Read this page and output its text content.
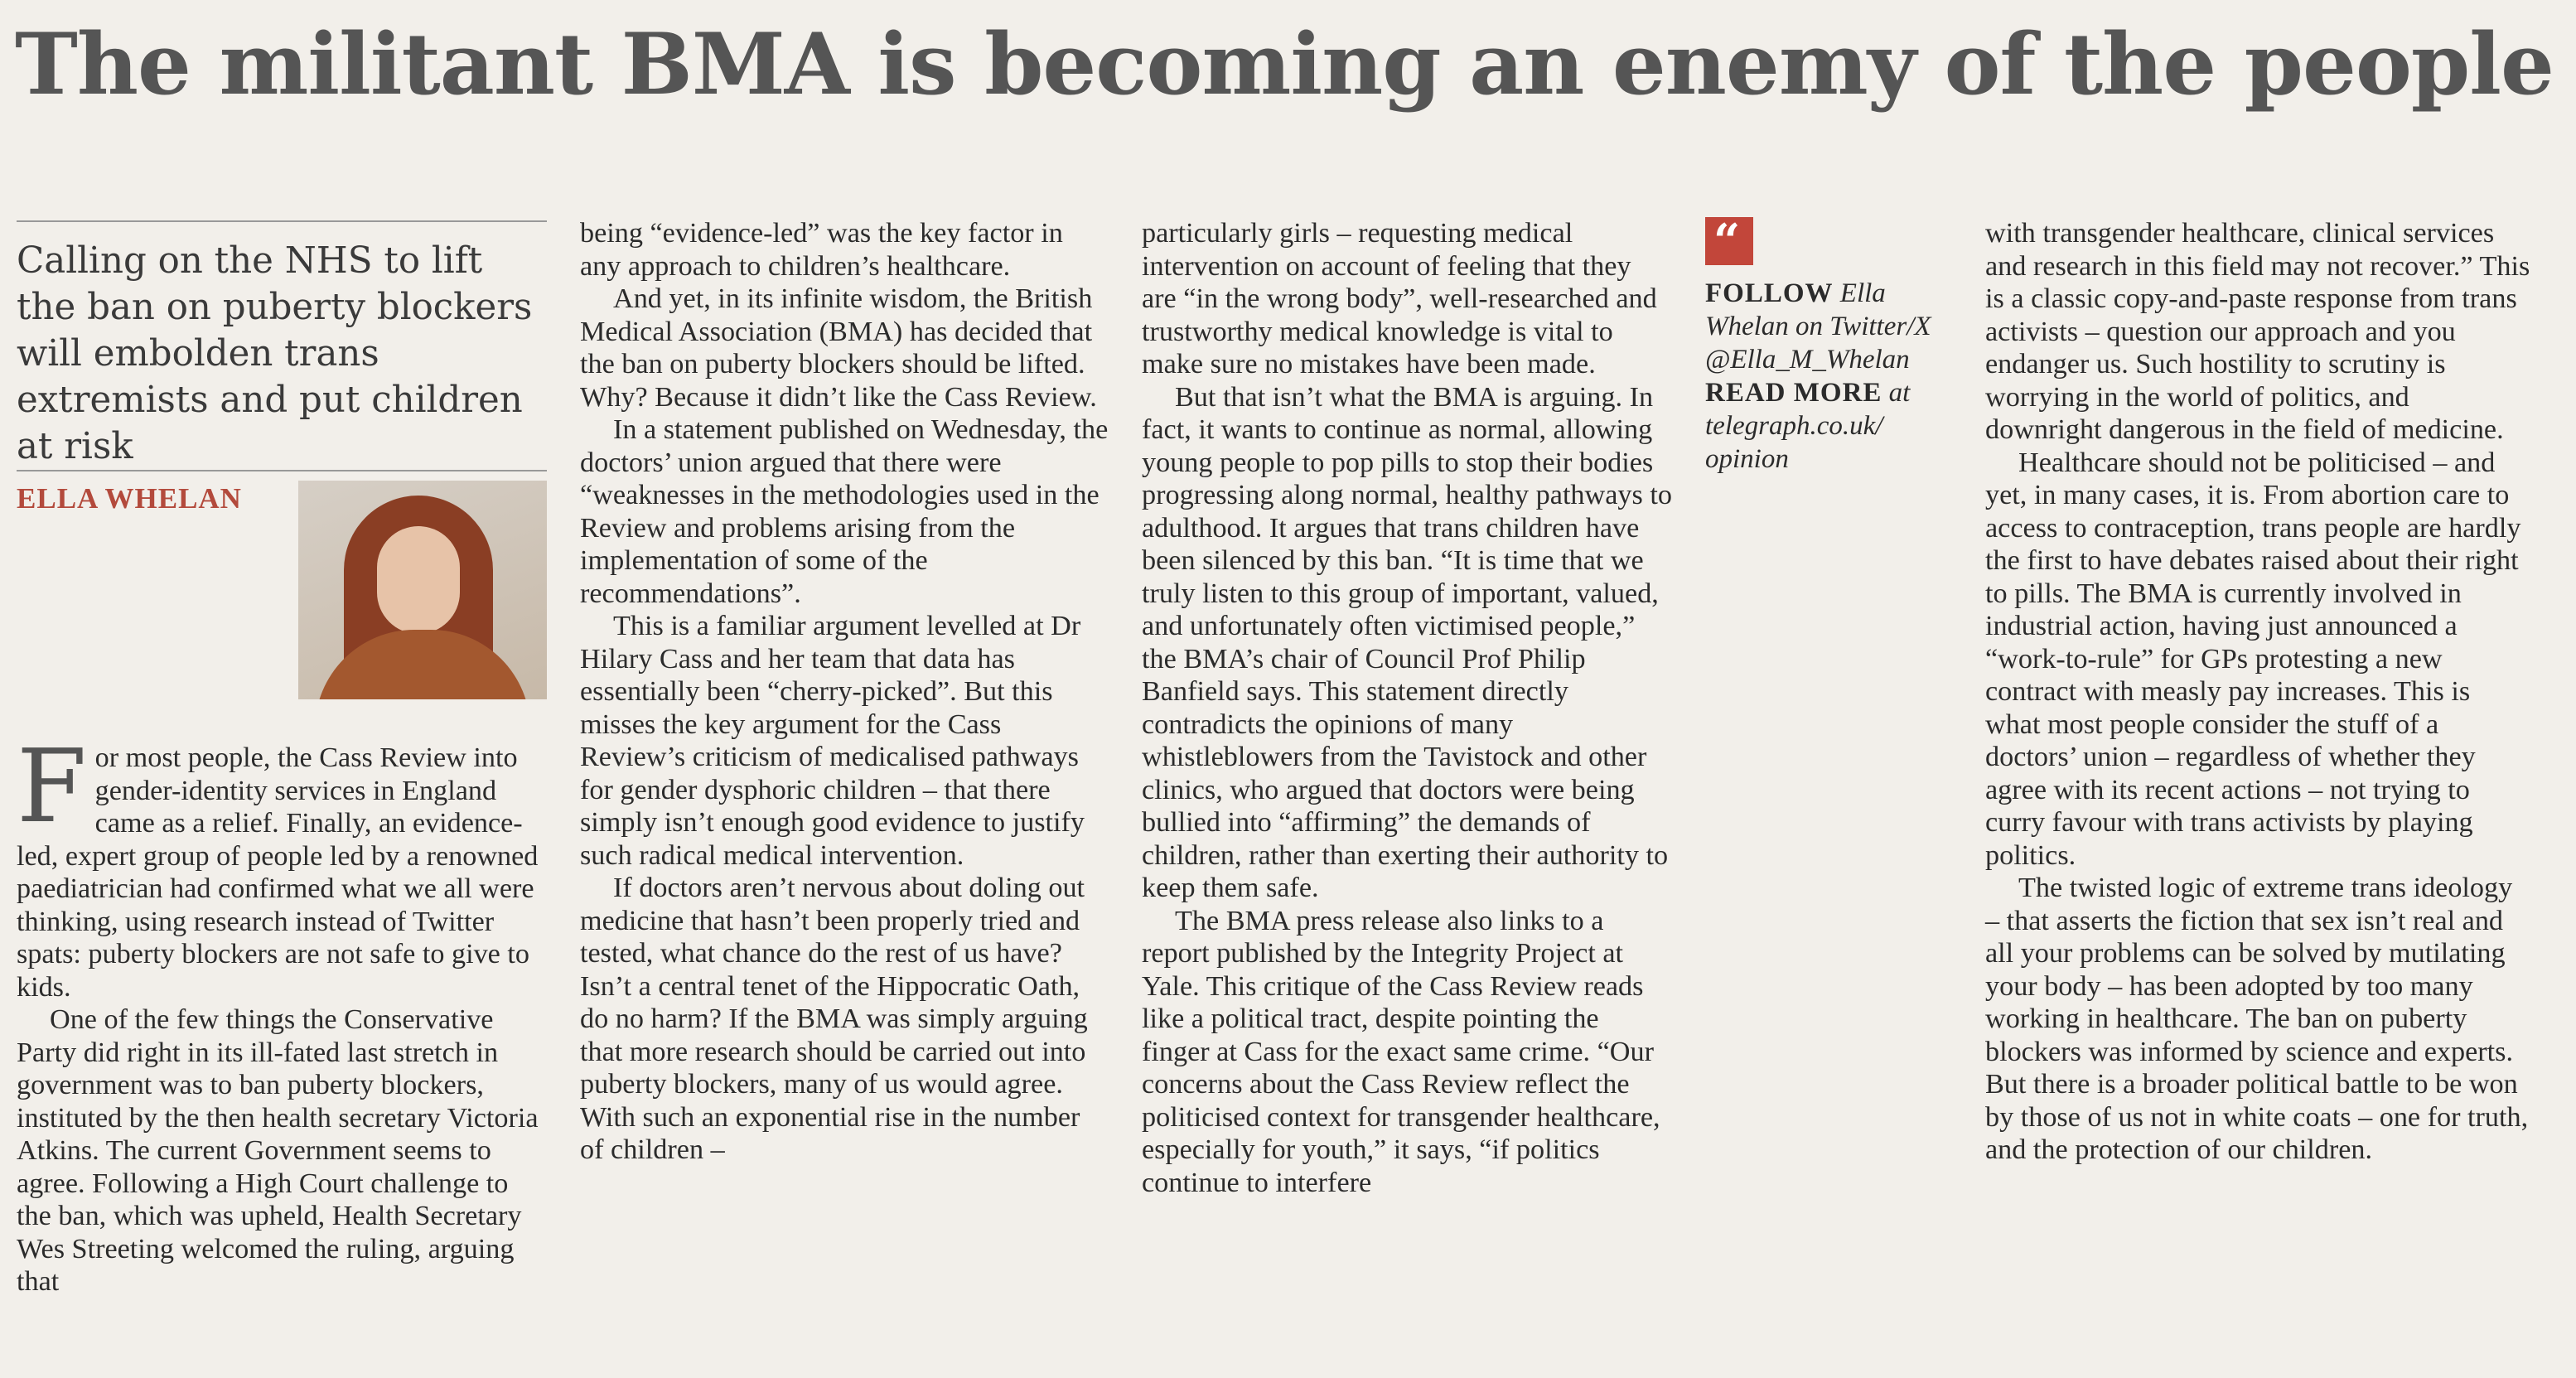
The militant BMA is becoming an enemy of the people
Calling on the NHS to lift the ban on puberty blockers will embolden trans extremists and put children at risk
ELLA WHELAN

For most people, the Cass Review into gender-identity services in England came as a relief. Finally, an evidence-led, expert group of people led by a renowned paediatrician had confirmed what we all were thinking, using research instead of Twitter spats: puberty blockers are not safe to give to kids.

One of the few things the Conservative Party did right in its ill-fated last stretch in government was to ban puberty blockers, instituted by the then health secretary Victoria Atkins. The current Government seems to agree. Following a High Court challenge to the ban, which was upheld, Health Secretary Wes Streeting welcomed the ruling, arguing that

being “evidence-led” was the key factor in any approach to children’s healthcare.

And yet, in its infinite wisdom, the British Medical Association (BMA) has decided that the ban on puberty blockers should be lifted. Why? Because it didn’t like the Cass Review.

In a statement published on Wednesday, the doctors’ union argued that there were “weaknesses in the methodologies used in the Review and problems arising from the implementation of some of the recommendations”.

This is a familiar argument levelled at Dr Hilary Cass and her team that data has essentially been “cherry-picked”. But this misses the key argument for the Cass Review’s criticism of medicalised pathways for gender dysphoric children – that there simply isn’t enough good evidence to justify such radical medical intervention.

If doctors aren’t nervous about doling out medicine that hasn’t been properly tried and tested, what chance do the rest of us have? Isn’t a central tenet of the Hippocratic Oath, do no harm? If the BMA was simply arguing that more research should be carried out into puberty blockers, many of us would agree. With such an exponential rise in the number of children –

particularly girls – requesting medical intervention on account of feeling that they are “in the wrong body”, well-researched and trustworthy medical knowledge is vital to make sure no mistakes have been made.

But that isn’t what the BMA is arguing. In fact, it wants to continue as normal, allowing young people to pop pills to stop their bodies progressing along normal, healthy pathways to adulthood. It argues that trans children have been silenced by this ban. “It is time that we truly listen to this group of important, valued, and unfortunately often victimised people,” the BMA’s chair of Council Prof Philip Banfield says. This statement directly contradicts the opinions of many whistleblowers from the Tavistock and other clinics, who argued that doctors were being bullied into “affirming” the demands of children, rather than exerting their authority to keep them safe.

The BMA press release also links to a report published by the Integrity Project at Yale. This critique of the Cass Review reads like a political tract, despite pointing the finger at Cass for the exact same crime. “Our concerns about the Cass Review reflect the politicised context for transgender healthcare, especially for youth,” it says, “if politics continue to interfere

“
FOLLOW Ella Whelan on Twitter/X @Ella_M_Whelan READ MORE at telegraph.co.uk/ opinion

with transgender healthcare, clinical services and research in this field may not recover.” This is a classic copy-and-paste response from trans activists – question our approach and you endanger us. Such hostility to scrutiny is worrying in the world of politics, and downright dangerous in the field of medicine.

Healthcare should not be politicised – and yet, in many cases, it is. From abortion care to access to contraception, trans people are hardly the first to have debates raised about their right to pills. The BMA is currently involved in industrial action, having just announced a “work-to-rule” for GPs protesting a new contract with measly pay increases. This is what most people consider the stuff of a doctors’ union – regardless of whether they agree with its recent actions – not trying to curry favour with trans activists by playing politics.

The twisted logic of extreme trans ideology – that asserts the fiction that sex isn’t real and all your problems can be solved by mutilating your body – has been adopted by too many working in healthcare. The ban on puberty blockers was informed by science and experts. But there is a broader political battle to be won by those of us not in white coats – one for truth, and the protection of our children.
